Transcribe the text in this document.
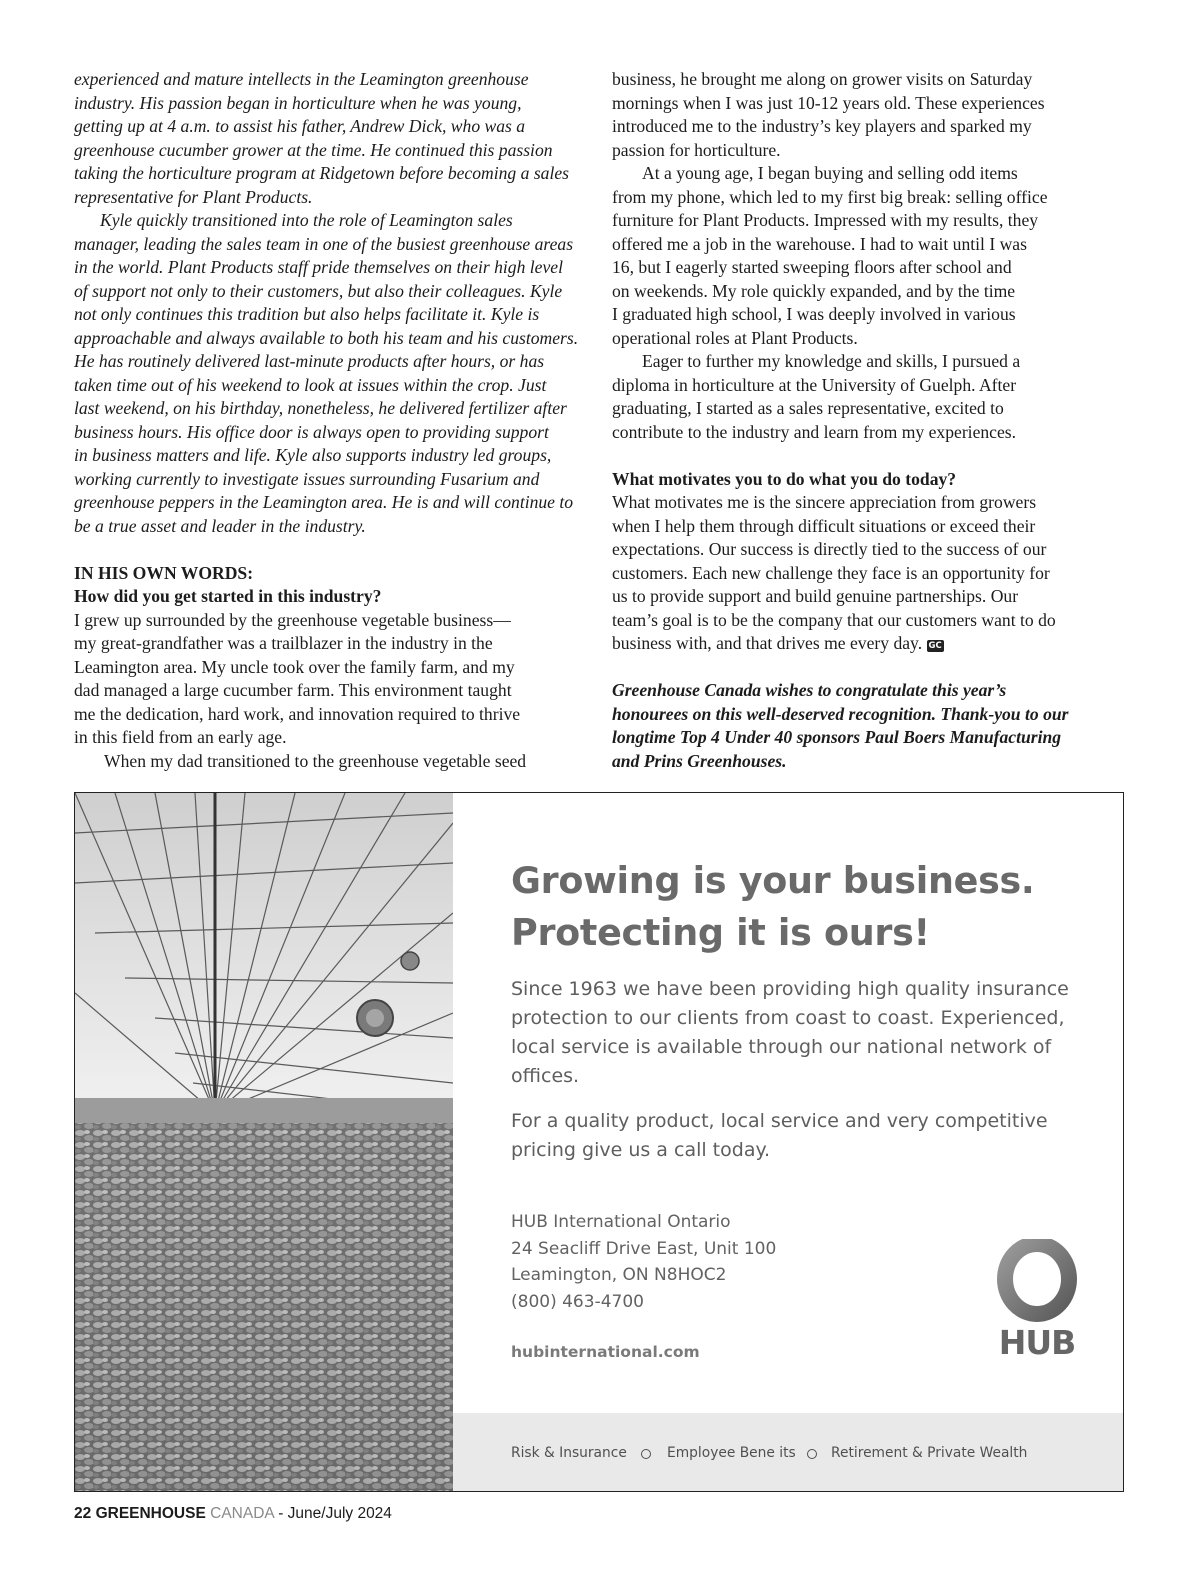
experienced and mature intellects in the Leamington greenhouse
industry. His passion began in horticulture when he was young,
getting up at 4 a.m. to assist his father, Andrew Dick, who was a
greenhouse cucumber grower at the time. He continued this passion
taking the horticulture program at Ridgetown before becoming a sales
representative for Plant Products.

Kyle quickly transitioned into the role of Leamington sales
manager, leading the sales team in one of the busiest greenhouse areas
in the world. Plant Products staff pride themselves on their high level
of support not only to their customers, but also their colleagues. Kyle
not only continues this tradition but also helps facilitate it. Kyle is
approachable and always available to both his team and his customers.
He has routinely delivered last-minute products after hours, or has
taken time out of his weekend to look at issues within the crop. Just
last weekend, on his birthday, nonetheless, he delivered fertilizer after
business hours. His office door is always open to providing support
in business matters and life. Kyle also supports industry led groups,
working currently to investigate issues surrounding Fusarium and
greenhouse peppers in the Leamington area. He is and will continue to
be a true asset and leader in the industry.

IN HIS OWN WORDS:

How did you get started in this industry?

I grew up surrounded by the greenhouse vegetable business—
my great-grandfather was a trailblazer in the industry in the
Leamington area. My uncle took over the family farm, and my
dad managed a large cucumber farm. This environment taught
me the dedication, hard work, and innovation required to thrive
in this field from an early age.
When my dad transitioned to the greenhouse vegetable seed

business, he brought me along on grower visits on Saturday
mornings when I was just 10-12 years old. These experiences
introduced me to the industry’s key players and sparked my
passion for horticulture.

At a young age, I began buying and selling odd items
from my phone, which led to my first big break: selling office
furniture for Plant Products. Impressed with my results, they
offered me a job in the warehouse. I had to wait until I was
16, but I eagerly started sweeping floors after school and
on weekends. My role quickly expanded, and by the time
I graduated high school, I was deeply involved in various
operational roles at Plant Products.

Eager to further my knowledge and skills, I pursued a
diploma in horticulture at the University of Guelph. After
graduating, I started as a sales representative, excited to
contribute to the industry and learn from my experiences.

What motivates you to do what you do today?

What motivates me is the sincere appreciation from growers
when I help them through difficult situations or exceed their
expectations. Our success is directly tied to the success of our
customers. Each new challenge they face is an opportunity for
us to provide support and build genuine partnerships. Our
team’s goal is to be the company that our customers want to do
business with, and that drives me every day. GC

Greenhouse Canada wishes to congratulate this year’s
honourees on this well-deserved recognition. Thank-you to our
longtime Top 4 Under 40 sponsors Paul Boers Manufacturing
and Prins Greenhouses.

Growing is your business.

Protecting it is ours!

Since 1963 we have been providing high quality insurance protection to our clients from coast to coast. Experienced, local service is available through our national network of offices.

For a quality product, local service and very competitive pricing give us a call today.

HUB International Ontario
24 Seacliff Drive East, Unit 100
Leamington, ON N8HOC2
(800) 463-4700
hubinternational.com	HUB
Risk & Insurance	Employee Bene its	Retirement & Private Wealth
22 GREENHOUSE CANADA - June/July 2024
